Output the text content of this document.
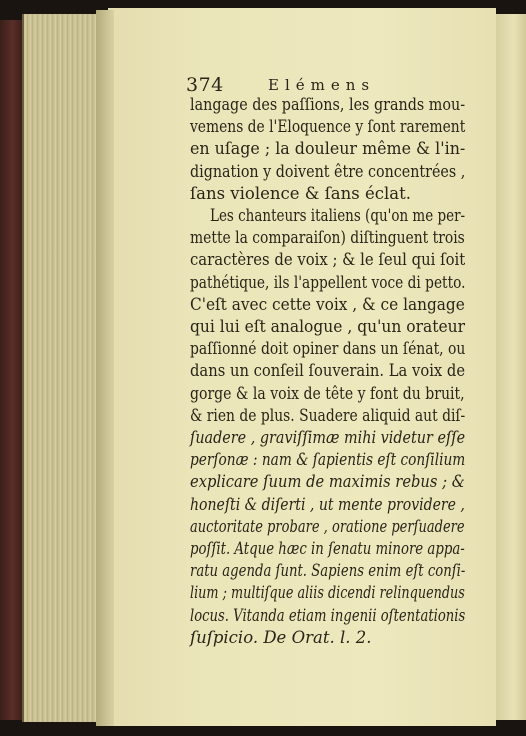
374	Elémens
langage des paſſions, les grands mou-
vemens de l'Eloquence y ſont rarement
en uſage ; la douleur même & l'in-
dignation y doivent être concentrées ,
ſans violence & ſans éclat.
Les chanteurs italiens (qu'on me per-
mette la comparaiſon) diſtinguent trois
caractères de voix ; & le ſeul qui ſoit
pathétique, ils l'appellent voce di petto.
C'eſt avec cette voix , & ce langage
qui lui eſt analogue , qu'un orateur
paſſionné doit opiner dans un ſénat, ou
dans un conſeil ſouverain. La voix de
gorge & la voix de tête y font du bruit,
& rien de plus. Suadere aliquid aut diſ-
ſuadere , graviſſimæ mihi videtur eſſe
perſonæ : nam & ſapientis eſt conſilium
explicare ſuum de maximis rebus ; &
honeſti & diſerti , ut mente providere ,
auctoritate probare , oratione perſuadere
poſſit. Atque hæc in ſenatu minore appa-
ratu agenda ſunt. Sapiens enim eſt conſi-
lium ; multiſque aliis dicendi relinquendus
locus. Vitanda etiam ingenii oſtentationis
ſuſpicio. De Orat. l. 2.
